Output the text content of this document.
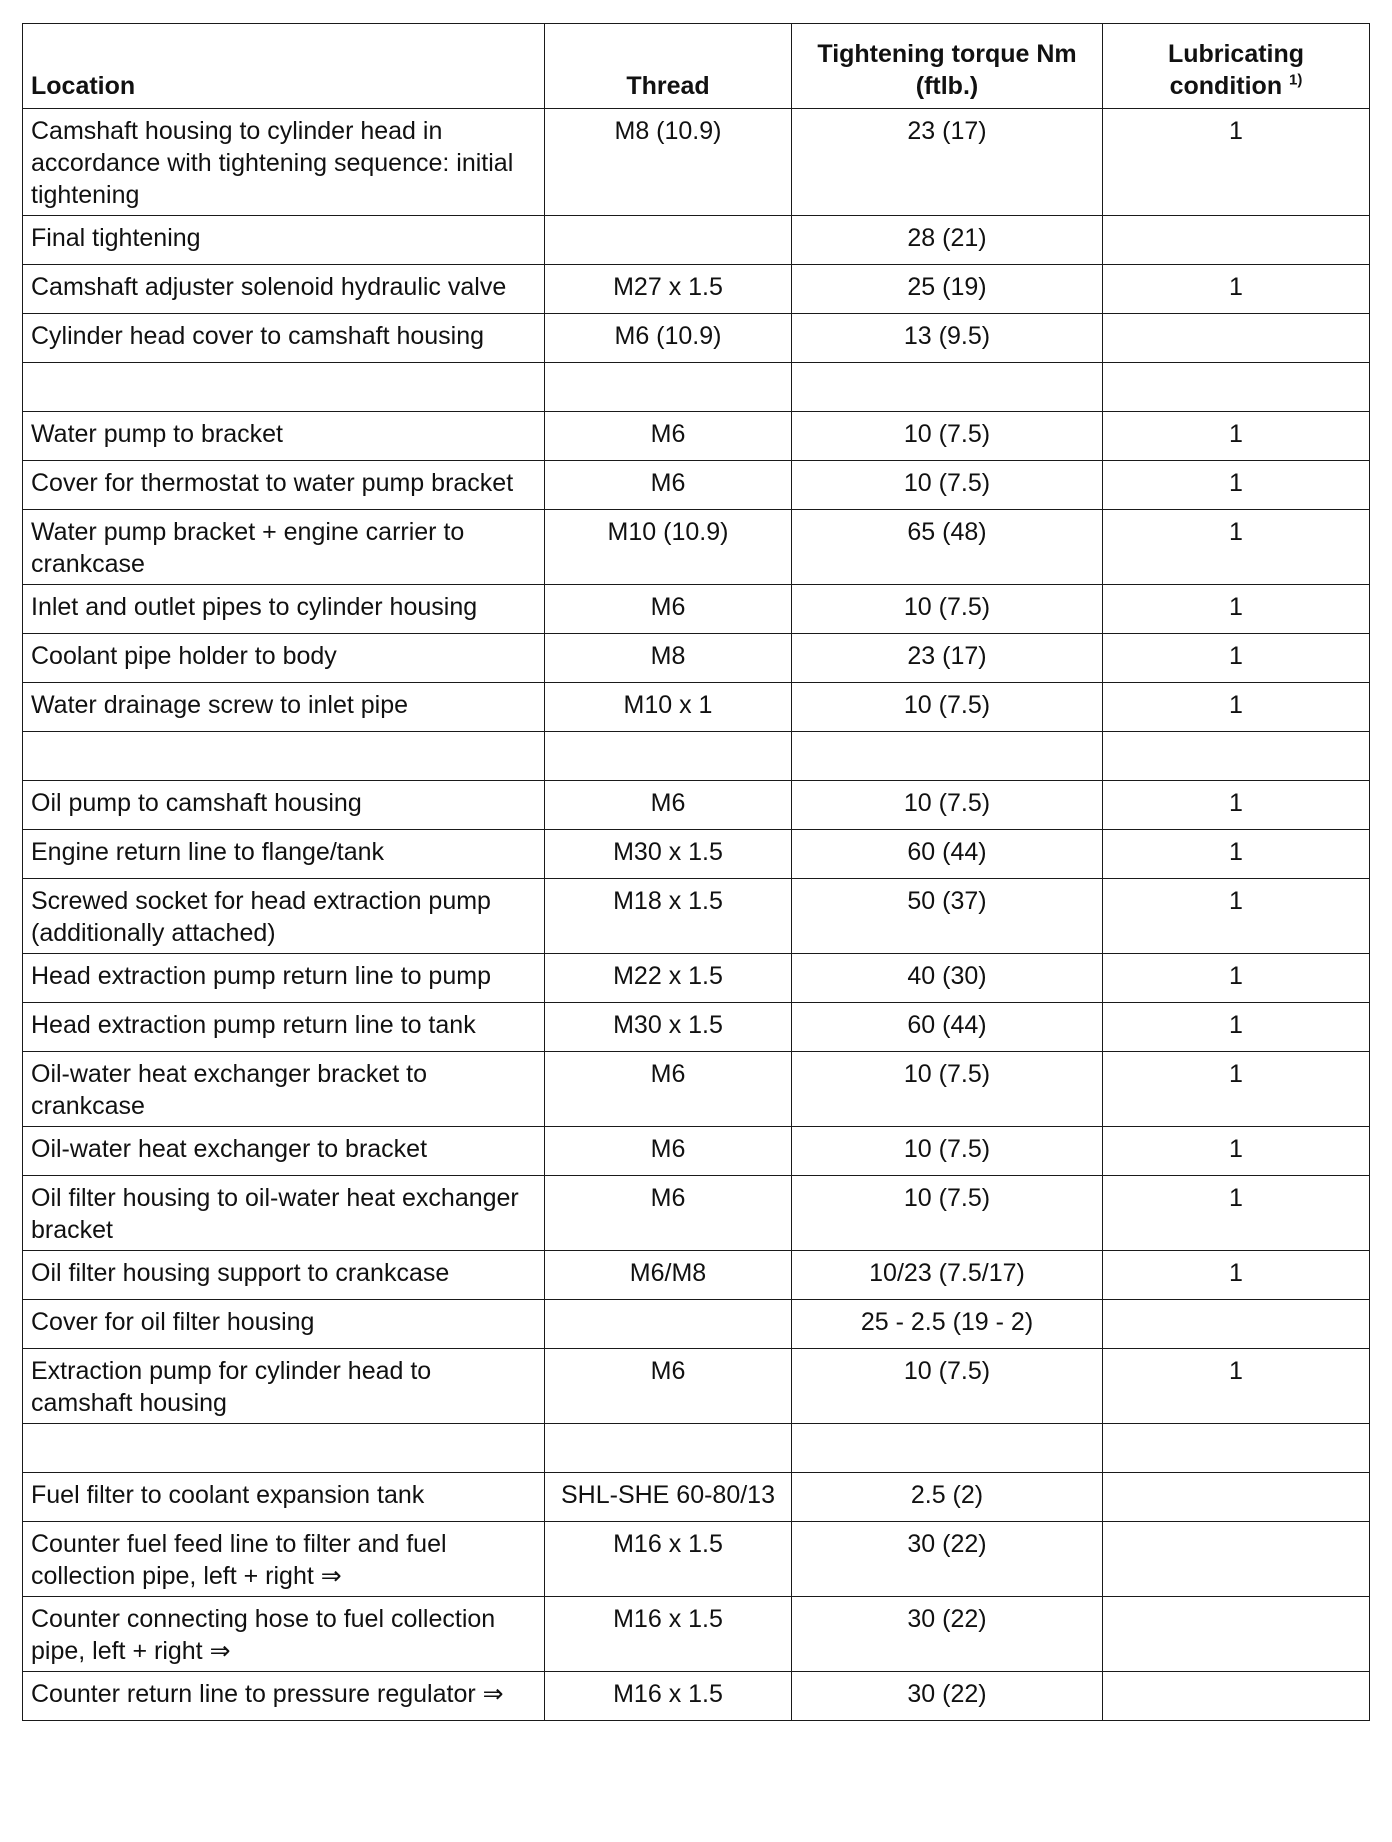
Location	Thread	Tightening torque Nm (ftlb.)	Lubricating condition $^{1)}$
Camshaft housing to cylinder head in accordance with tightening sequence: initial tightening	M8 (10.9)	23 (17)	1
Final tightening		28 (21)	
Camshaft adjuster solenoid hydraulic valve	M27 x 1.5	25 (19)	1
Cylinder head cover to camshaft housing	M6 (10.9)	13 (9.5)	

Water pump to bracket	M6	10 (7.5)	1
Cover for thermostat to water pump bracket	M6	10 (7.5)	1
Water pump bracket + engine carrier to crankcase	M10 (10.9)	65 (48)	1
Inlet and outlet pipes to cylinder housing	M6	10 (7.5)	1
Coolant pipe holder to body	M8	23 (17)	1
Water drainage screw to inlet pipe	M10 x 1	10 (7.5)	1

Oil pump to camshaft housing	M6	10 (7.5)	1
Engine return line to flange/tank	M30 x 1.5	60 (44)	1
Screwed socket for head extraction pump (additionally attached)	M18 x 1.5	50 (37)	1
Head extraction pump return line to pump	M22 x 1.5	40 (30)	1
Head extraction pump return line to tank	M30 x 1.5	60 (44)	1
Oil-water heat exchanger bracket to crankcase	M6	10 (7.5)	1
Oil-water heat exchanger to bracket	M6	10 (7.5)	1
Oil filter housing to oil-water heat exchanger bracket	M6	10 (7.5)	1
Oil filter housing support to crankcase	M6/M8	10/23 (7.5/17)	1
Cover for oil filter housing		25 - 2.5 (19 - 2)	
Extraction pump for cylinder head to camshaft housing	M6	10 (7.5)	1

Fuel filter to coolant expansion tank	SHL-SHE 60-80/13	2.5 (2)	
Counter fuel feed line to filter and fuel collection pipe, left + right ⇒	M16 x 1.5	30 (22)	
Counter connecting hose to fuel collection pipe, left + right ⇒	M16 x 1.5	30 (22)	
Counter return line to pressure regulator ⇒	M16 x 1.5	30 (22)	
